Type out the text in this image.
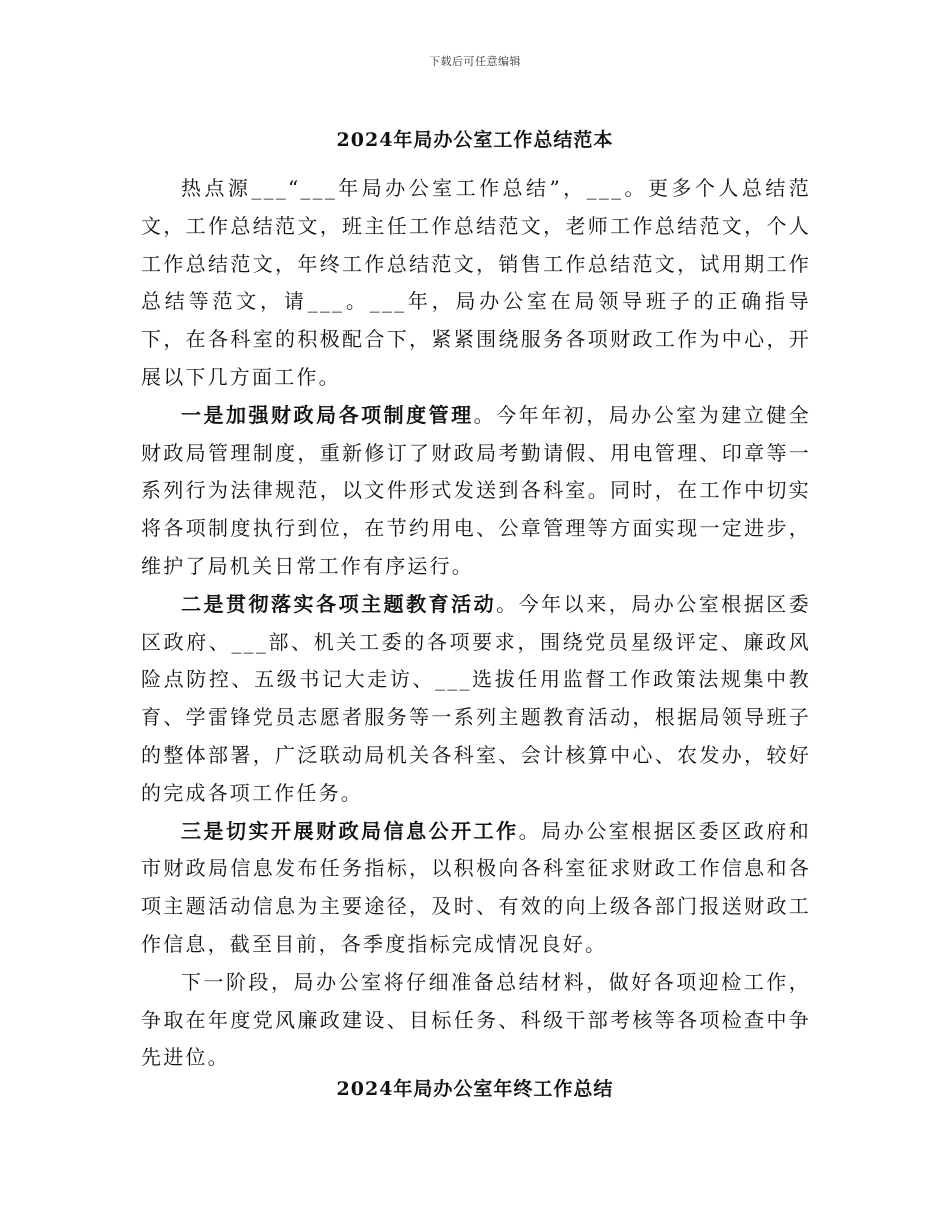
下载后可任意编辑
2024年局办公室工作总结范本

热点源___“___年局办公室工作总结”，___。更多个人总结范文，工作总结范文，班主任工作总结范文，老师工作总结范文，个人工作总结范文，年终工作总结范文，销售工作总结范文，试用期工作总结等范文，请___。___年，局办公室在局领导班子的正确指导下，在各科室的积极配合下，紧紧围绕服务各项财政工作为中心，开展以下几方面工作。

一是加强财政局各项制度管理。今年年初，局办公室为建立健全财政局管理制度，重新修订了财政局考勤请假、用电管理、印章等一系列行为法律规范，以文件形式发送到各科室。同时，在工作中切实将各项制度执行到位，在节约用电、公章管理等方面实现一定进步，维护了局机关日常工作有序运行。

二是贯彻落实各项主题教育活动。今年以来，局办公室根据区委区政府、___部、机关工委的各项要求，围绕党员星级评定、廉政风险点防控、五级书记大走访、___选拔任用监督工作政策法规集中教育、学雷锋党员志愿者服务等一系列主题教育活动，根据局领导班子的整体部署，广泛联动局机关各科室、会计核算中心、农发办，较好的完成各项工作任务。

三是切实开展财政局信息公开工作。局办公室根据区委区政府和市财政局信息发布任务指标，以积极向各科室征求财政工作信息和各项主题活动信息为主要途径，及时、有效的向上级各部门报送财政工作信息，截至目前，各季度指标完成情况良好。

下一阶段，局办公室将仔细准备总结材料，做好各项迎检工作，争取在年度党风廉政建设、目标任务、科级干部考核等各项检查中争先进位。

2024年局办公室年终工作总结
